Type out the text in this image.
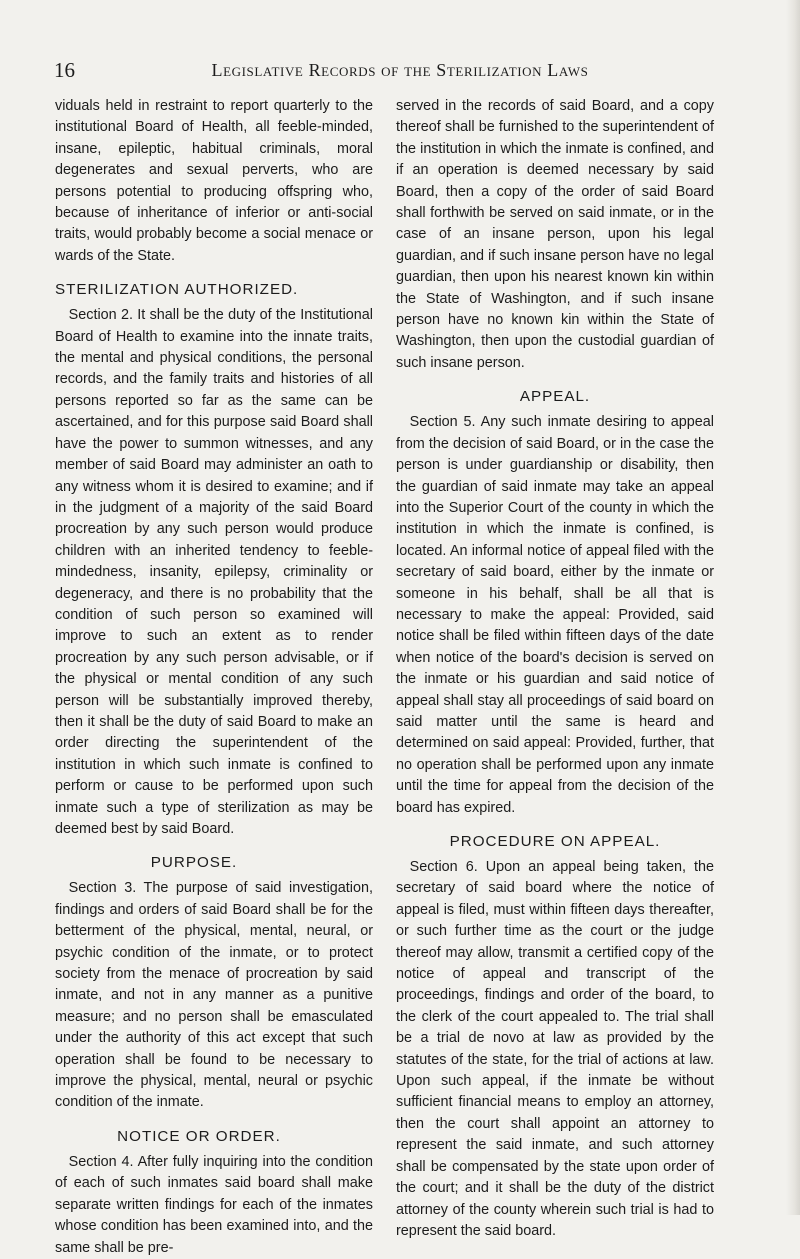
16	Legislative Records of the Sterilization Laws

viduals held in restraint to report quarterly to the institutional Board of Health, all feeble-minded, insane, epileptic, habitual criminals, moral degenerates and sexual perverts, who are persons potential to producing offspring who, because of inheritance of inferior or anti-social traits, would probably become a social menace or wards of the State.

STERILIZATION AUTHORIZED.

Section 2. It shall be the duty of the Institutional Board of Health to examine into the innate traits, the mental and physical conditions, the personal records, and the family traits and histories of all persons reported so far as the same can be ascertained, and for this purpose said Board shall have the power to summon witnesses, and any member of said Board may administer an oath to any witness whom it is desired to examine; and if in the judgment of a majority of the said Board procreation by any such person would produce children with an inherited tendency to feeble-mindedness, insanity, epilepsy, criminality or degeneracy, and there is no probability that the condition of such person so examined will improve to such an extent as to render procreation by any such person advisable, or if the physical or mental condition of any such person will be substantially improved thereby, then it shall be the duty of said Board to make an order directing the superintendent of the institution in which such inmate is confined to perform or cause to be performed upon such inmate such a type of sterilization as may be deemed best by said Board.

PURPOSE.

Section 3. The purpose of said investigation, findings and orders of said Board shall be for the betterment of the physical, mental, neural, or psychic condition of the inmate, or to protect society from the menace of procreation by said inmate, and not in any manner as a punitive measure; and no person shall be emasculated under the authority of this act except that such operation shall be found to be necessary to improve the physical, mental, neural or psychic condition of the inmate.

NOTICE OR ORDER.

Section 4. After fully inquiring into the condition of each of such inmates said board shall make separate written findings for each of the inmates whose condition has been examined into, and the same shall be pre-

served in the records of said Board, and a copy thereof shall be furnished to the superintendent of the institution in which the inmate is confined, and if an operation is deemed necessary by said Board, then a copy of the order of said Board shall forthwith be served on said inmate, or in the case of an insane person, upon his legal guardian, and if such insane person have no legal guardian, then upon his nearest known kin within the State of Washington, and if such insane person have no known kin within the State of Washington, then upon the custodial guardian of such insane person.

APPEAL.

Section 5. Any such inmate desiring to appeal from the decision of said Board, or in the case the person is under guardianship or disability, then the guardian of said inmate may take an appeal into the Superior Court of the county in which the institution in which the inmate is confined, is located. An informal notice of appeal filed with the secretary of said board, either by the inmate or someone in his behalf, shall be all that is necessary to make the appeal: Provided, said notice shall be filed within fifteen days of the date when notice of the board's decision is served on the inmate or his guardian and said notice of appeal shall stay all proceedings of said board on said matter until the same is heard and determined on said appeal: Provided, further, that no operation shall be performed upon any inmate until the time for appeal from the decision of the board has expired.

PROCEDURE ON APPEAL.

Section 6. Upon an appeal being taken, the secretary of said board where the notice of appeal is filed, must within fifteen days thereafter, or such further time as the court or the judge thereof may allow, transmit a certified copy of the notice of appeal and transcript of the proceedings, findings and order of the board, to the clerk of the court appealed to. The trial shall be a trial de novo at law as provided by the statutes of the state, for the trial of actions at law. Upon such appeal, if the inmate be without sufficient financial means to employ an attorney, then the court shall appoint an attorney to represent the said inmate, and such attorney shall be compensated by the state upon order of the court; and it shall be the duty of the district attorney of the county wherein such trial is had to represent the said board.
